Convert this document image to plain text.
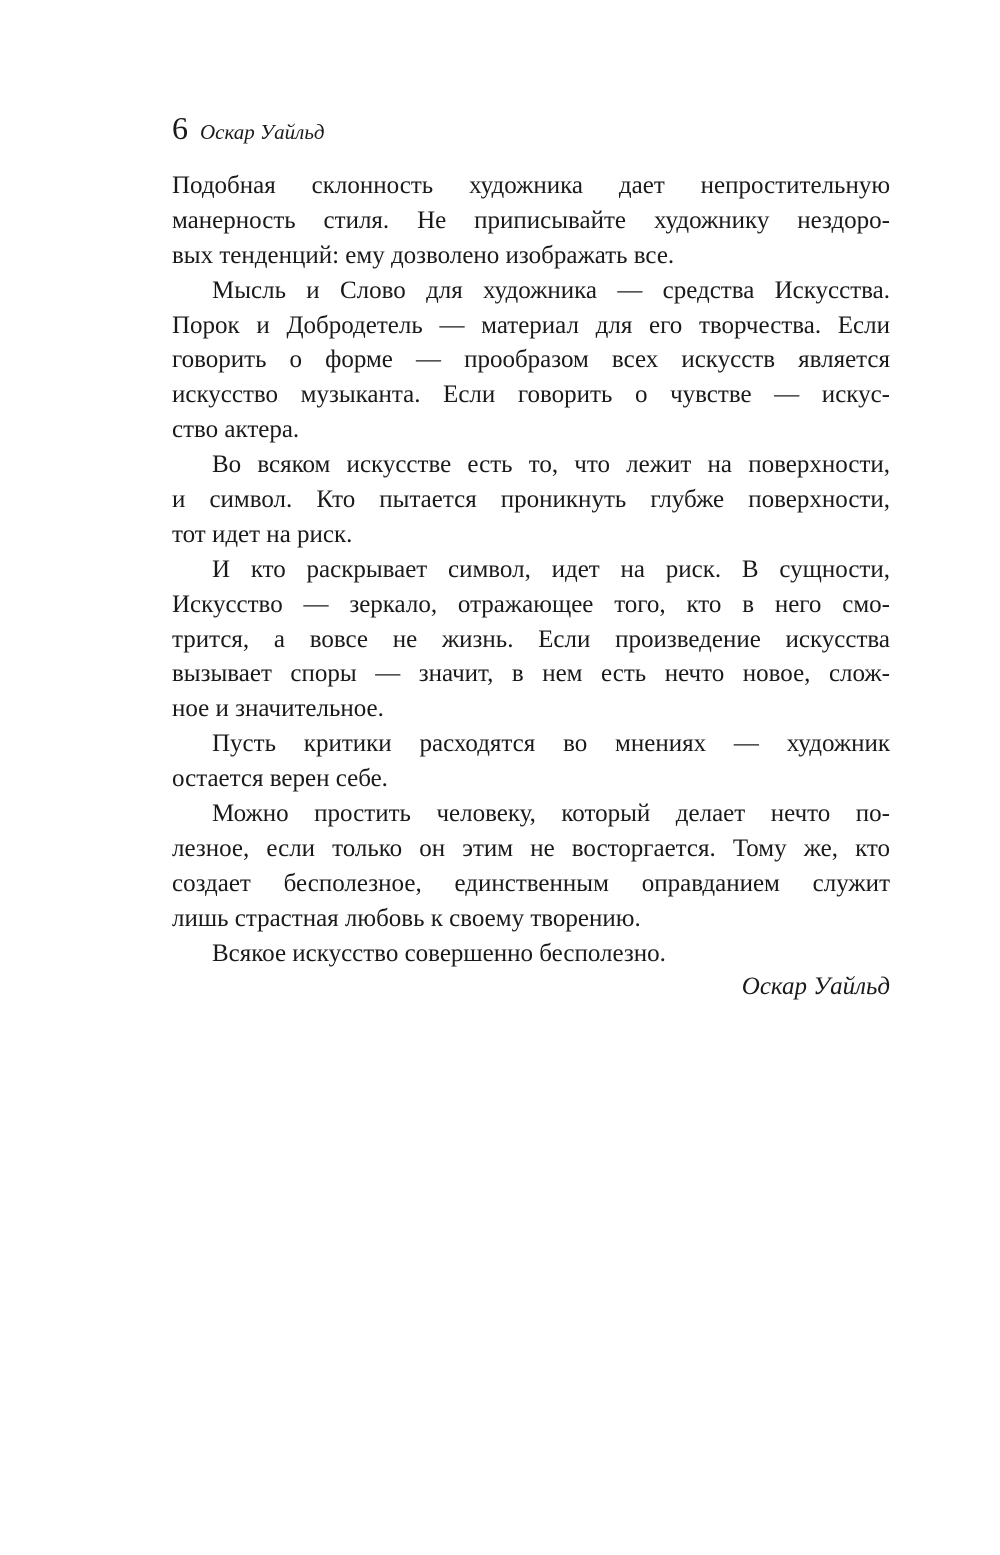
6 Оскар Уайльд
Подобная склонность художника дает непростительную
манерность стиля. Не приписывайте художнику нездоро-
вых тенденций: ему дозволено изображать все.
Мысль и Слово для художника — средства Искусства.
Порок и Добродетель — материал для его творчества. Если
говорить о форме — прообразом всех искусств является
искусство музыканта. Если говорить о чувстве — искус-
ство актера.
Во всяком искусстве есть то, что лежит на поверхности,
и символ. Кто пытается проникнуть глубже поверхности,
тот идет на риск.
И кто раскрывает символ, идет на риск. В сущности,
Искусство — зеркало, отражающее того, кто в него смо-
трится, а вовсе не жизнь. Если произведение искусства
вызывает споры — значит, в нем есть нечто новое, слож-
ное и значительное.
Пусть критики расходятся во мнениях — художник
остается верен себе.
Можно простить человеку, который делает нечто по-
лезное, если только он этим не восторгается. Тому же, кто
создает бесполезное, единственным оправданием служит
лишь страстная любовь к своему творению.
Всякое искусство совершенно бесполезно.
Оскар Уайльд
